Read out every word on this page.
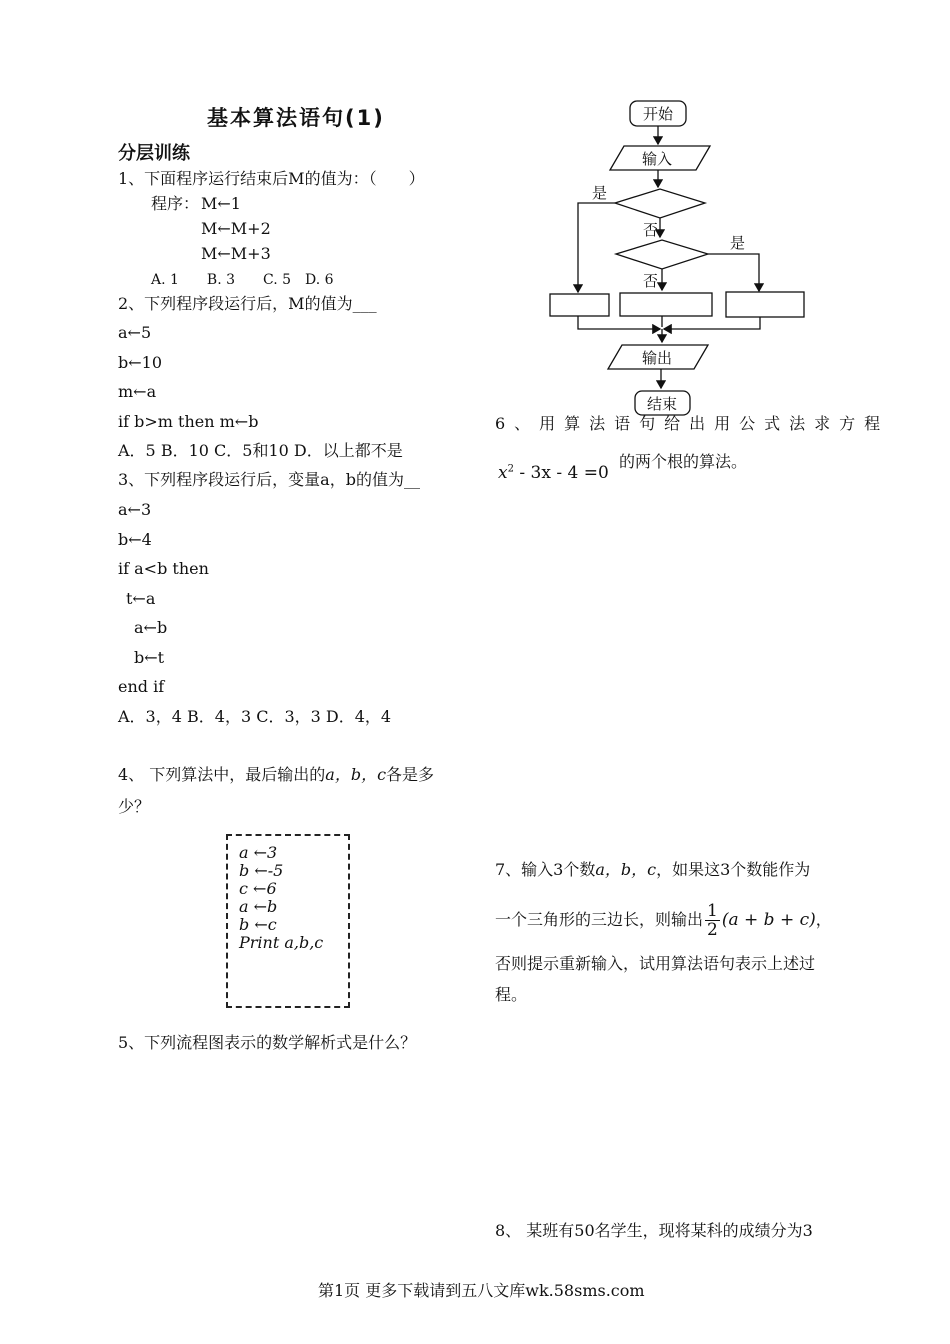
基本算法语句(1)
分层训练
1、下面程序运行结束后M的值为：（　　）
程序： M←1
M←M+2
M←M+3
A. 1　　B. 3　　C. 5　D. 6
2、下列程序段运行后，M的值为___
a←5
b←10
m←a
if b>m then m←b
A．5 B．10 C．5和10 D．以上都不是
3、下列程序段运行后，变量a，b的值为__
a←3
b←4
if a<b then
t←a
a←b
b←t
end if
A．3，4 B．4，3 C．3，3 D．4，4
4、 下列算法中，最后输出的a，b，c各是多
少？
a ←3
b ←-5
c ←6
a ←b
b ←c
Print a,b,c
5、下列流程图表示的数学解析式是什么？
开始
输入
是
否
是
否
输出
结束
6、用算法语句给出用公式法求方程
$x^2 - 3x - 4 =0$
的两个根的算法。
7、输入3个数a，b，c，如果这3个数能作为
一个三角形的三边长，则输出 $\frac{1}{2} (a + b + c)$，
否则提示重新输入，试用算法语句表示上述过
程。
8、 某班有50名学生，现将某科的成绩分为3
第1页 更多下载请到五八文库wk.58sms.com
